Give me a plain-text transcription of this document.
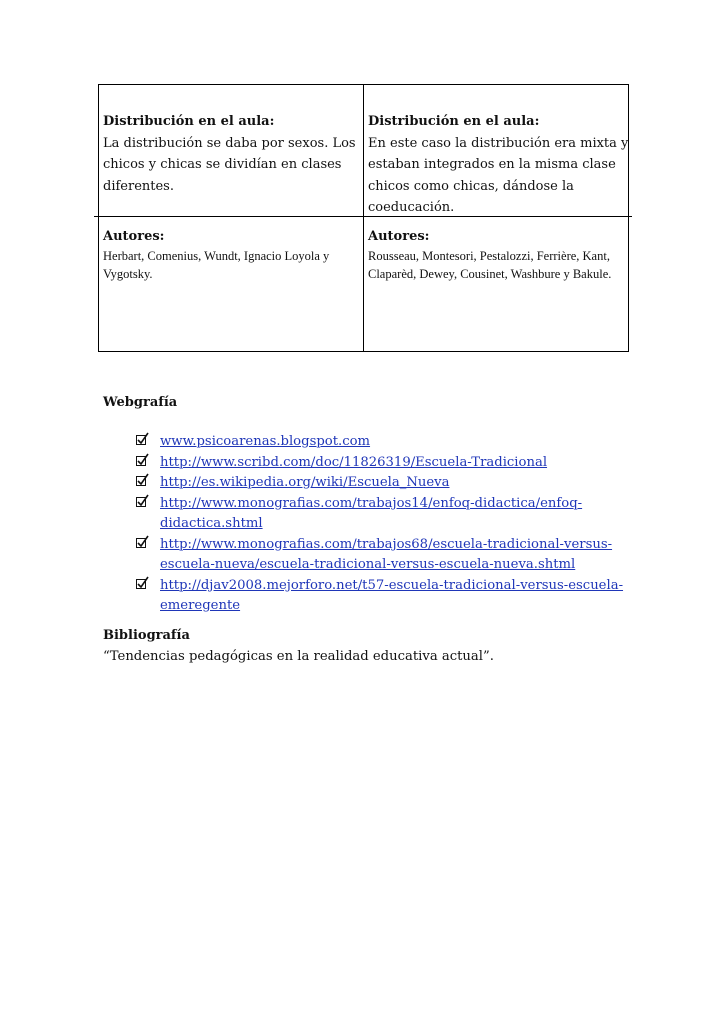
Distribución en el aula:
La distribución se daba por sexos. Los chicos y chicas se dividían en clases diferentes.
Distribución en el aula:
En este caso la distribución era mixta y estaban integrados en la misma clase chicos como chicas, dándose la coeducación.
Autores:
Herbart, Comenius, Wundt, Ignacio Loyola y Vygotsky.
Autores:
Rousseau, Montesori, Pestalozzi, Ferrière, Kant, Claparèd, Dewey, Cousinet, Washbure y Bakule.
Webgrafía
www.psicoarenas.blogspot.com
http://www.scribd.com/doc/11826319/Escuela-Tradicional
http://es.wikipedia.org/wiki/Escuela_Nueva
http://www.monografias.com/trabajos14/enfoq-didactica/enfoq-didactica.shtml
http://www.monografias.com/trabajos68/escuela-tradicional-versus-escuela-nueva/escuela-tradicional-versus-escuela-nueva.shtml
http://djav2008.mejorforo.net/t57-escuela-tradicional-versus-escuela-emeregente
Bibliografía
“Tendencias pedagógicas en la realidad educativa actual”.
